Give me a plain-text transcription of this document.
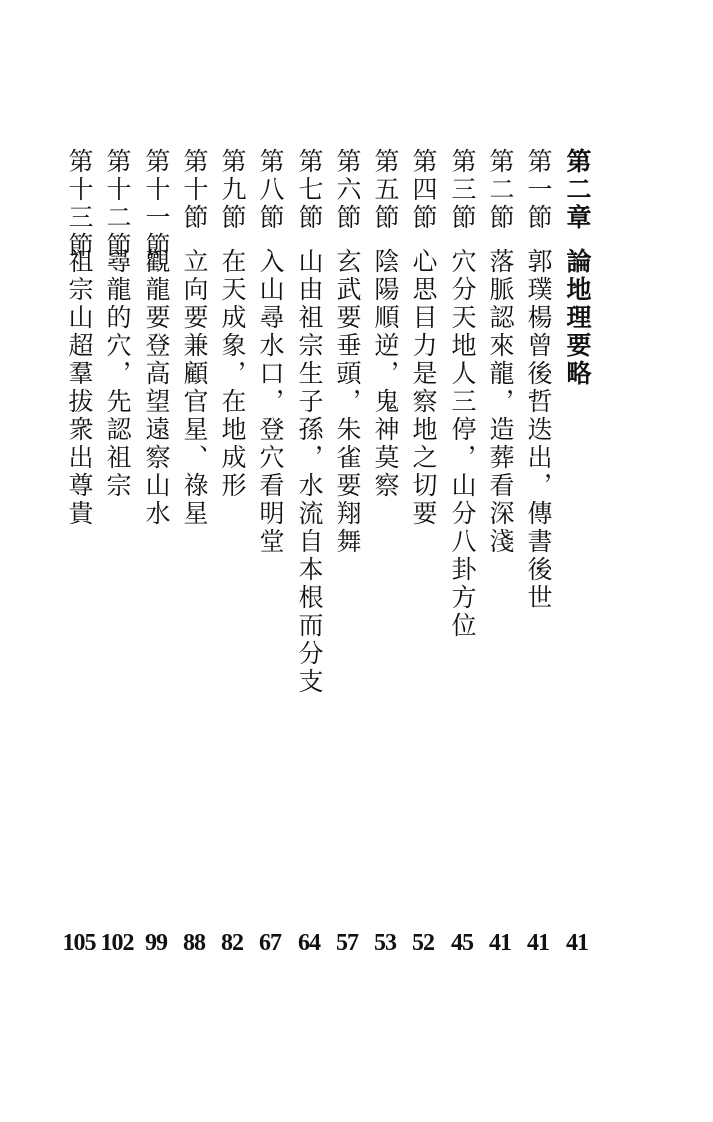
第二章
論地理要略
41
第一節
郭璞楊曾後哲迭出，傳書後世
41
第二節
落脈認來龍，造葬看深淺
41
第三節
穴分天地人三停，山分八卦方位
45
第四節
心思目力是察地之切要
52
第五節
陰陽順逆，鬼神莫察
53
第六節
玄武要垂頭，朱雀要翔舞
57
第七節
山由祖宗生子孫，水流自本根而分支
64
第八節
入山尋水口，登穴看明堂
67
第九節
在天成象，在地成形
82
第十節
立向要兼顧官星、祿星
88
第十一節
觀龍要登高望遠察山水
99
第十二節
尋龍的穴，先認祖宗
102
第十三節
祖宗山超羣拔衆出尊貴
105
